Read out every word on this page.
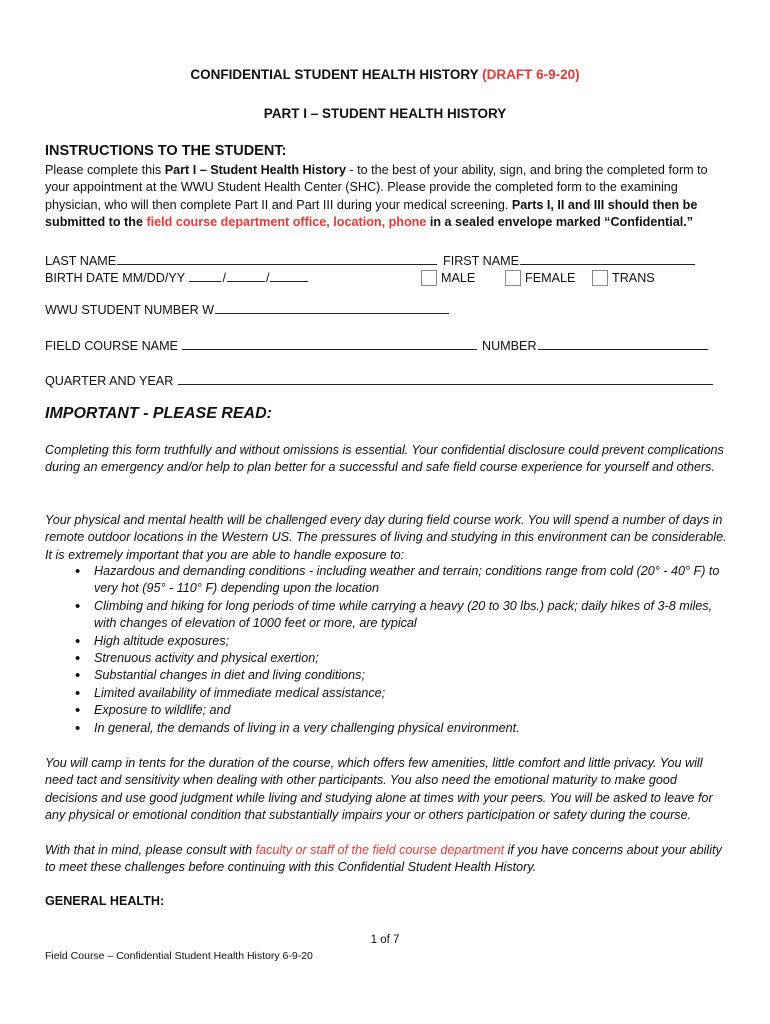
CONFIDENTIAL STUDENT HEALTH HISTORY (DRAFT 6-9-20)
PART I – STUDENT HEALTH HISTORY
INSTRUCTIONS TO THE STUDENT:
Please complete this Part I – Student Health History - to the best of your ability, sign, and bring the completed form to your appointment at the WWU Student Health Center (SHC). Please provide the completed form to the examining physician, who will then complete Part II and Part III during your medical screening. Parts I, II and III should then be submitted to the field course department office, location, phone in a sealed envelope marked “Confidential.”
LAST NAME	FIRST NAME
BIRTH DATE MM/DD/YY	/	/	MALE	FEMALE	TRANS
WWU STUDENT NUMBER W
FIELD COURSE NAME	NUMBER
QUARTER AND YEAR
IMPORTANT - PLEASE READ:
Completing this form truthfully and without omissions is essential. Your confidential disclosure could prevent complications during an emergency and/or help to plan better for a successful and safe field course experience for yourself and others.
Your physical and mental health will be challenged every day during field course work. You will spend a number of days in remote outdoor locations in the Western US. The pressures of living and studying in this environment can be considerable. It is extremely important that you are able to handle exposure to:
• Hazardous and demanding conditions - including weather and terrain; conditions range from cold (20° - 40° F) to very hot (95° - 110° F) depending upon the location
• Climbing and hiking for long periods of time while carrying a heavy (20 to 30 lbs.) pack; daily hikes of 3-8 miles, with changes of elevation of 1000 feet or more, are typical
• High altitude exposures;
• Strenuous activity and physical exertion;
• Substantial changes in diet and living conditions;
• Limited availability of immediate medical assistance;
• Exposure to wildlife; and
• In general, the demands of living in a very challenging physical environment.
You will camp in tents for the duration of the course, which offers few amenities, little comfort and little privacy. You will need tact and sensitivity when dealing with other participants. You also need the emotional maturity to make good decisions and use good judgment while living and studying alone at times with your peers. You will be asked to leave for any physical or emotional condition that substantially impairs your or others participation or safety during the course.
With that in mind, please consult with faculty or staff of the field course department if you have concerns about your ability to meet these challenges before continuing with this Confidential Student Health History.
GENERAL HEALTH:
1 of 7
Field Course – Confidential Student Health History 6-9-20
